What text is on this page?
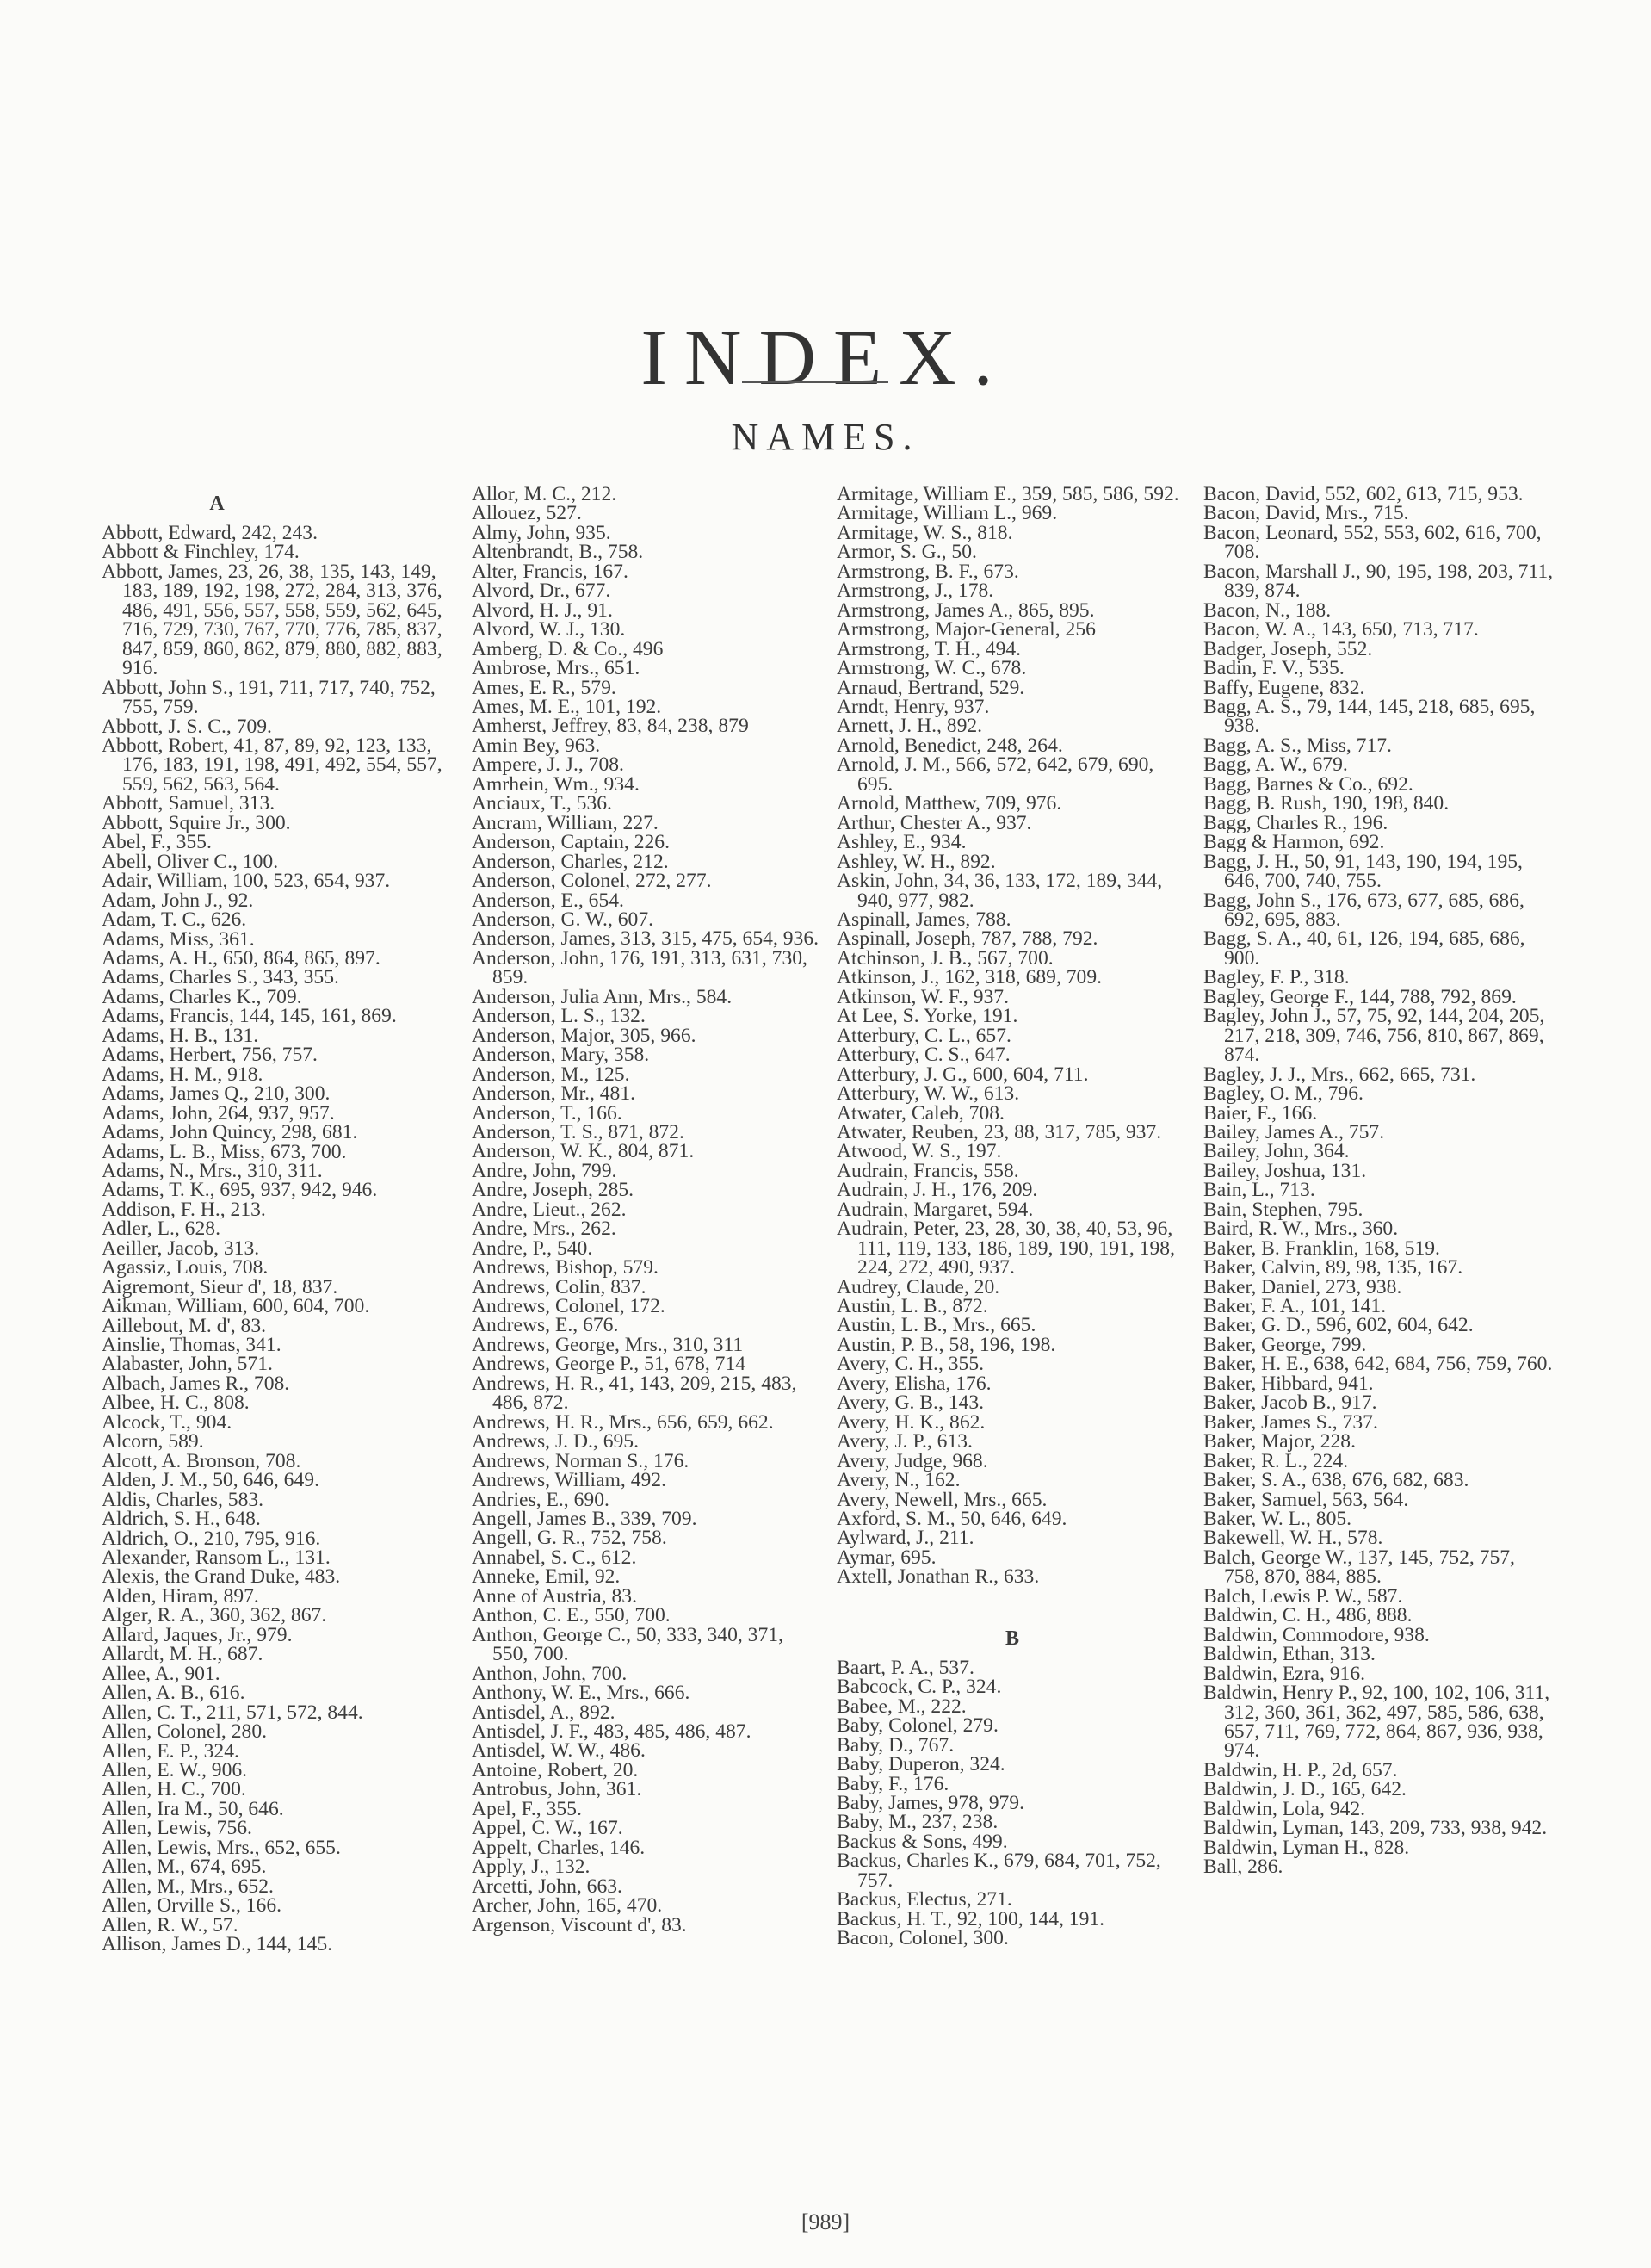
INDEX.
NAMES.
A
Abbott, Edward, 242, 243.
Abbott & Finchley, 174.
Abbott, James, 23, 26, 38, 135, 143, 149, 183, 189, 192, 198, 272, 284, 313, 376, 486, 491, 556, 557, 558, 559, 562, 645, 716, 729, 730, 767, 770, 776, 785, 837, 847, 859, 860, 862, 879, 880, 882, 883, 916.
Abbott, John S., 191, 711, 717, 740, 752, 755, 759.
Abbott, J. S. C., 709.
Abbott, Robert, 41, 87, 89, 92, 123, 133, 176, 183, 191, 198, 491, 492, 554, 557, 559, 562, 563, 564.
Abbott, Samuel, 313.
Abbott, Squire Jr., 300.
Abel, F., 355.
Abell, Oliver C., 100.
Adair, William, 100, 523, 654, 937.
Adam, John J., 92.
Adam, T. C., 626.
Adams, Miss, 361.
Adams, A. H., 650, 864, 865, 897.
Adams, Charles S., 343, 355.
Adams, Charles K., 709.
Adams, Francis, 144, 145, 161, 869.
Adams, H. B., 131.
Adams, Herbert, 756, 757.
Adams, H. M., 918.
Adams, James Q., 210, 300.
Adams, John, 264, 937, 957.
Adams, John Quincy, 298, 681.
Adams, L. B., Miss, 673, 700.
Adams, N., Mrs., 310, 311.
Adams, T. K., 695, 937, 942, 946.
Addison, F. H., 213.
Adler, L., 628.
Aeiller, Jacob, 313.
Agassiz, Louis, 708.
Aigremont, Sieur d', 18, 837.
Aikman, William, 600, 604, 700.
Aillebout, M. d', 83.
Ainslie, Thomas, 341.
Alabaster, John, 571.
Albach, James R., 708.
Albee, H. C., 808.
Alcock, T., 904.
Alcorn, 589.
Alcott, A. Bronson, 708.
Alden, J. M., 50, 646, 649.
Aldis, Charles, 583.
Aldrich, S. H., 648.
Aldrich, O., 210, 795, 916.
Alexander, Ransom L., 131.
Alexis, the Grand Duke, 483.
Alden, Hiram, 897.
Alger, R. A., 360, 362, 867.
Allard, Jaques, Jr., 979.
Allardt, M. H., 687.
Allee, A., 901.
Allen, A. B., 616.
Allen, C. T., 211, 571, 572, 844.
Allen, Colonel, 280.
Allen, E. P., 324.
Allen, E. W., 906.
Allen, H. C., 700.
Allen, Ira M., 50, 646.
Allen, Lewis, 756.
Allen, Lewis, Mrs., 652, 655.
Allen, M., 674, 695.
Allen, M., Mrs., 652.
Allen, Orville S., 166.
Allen, R. W., 57.
Allison, James D., 144, 145.
Allor, M. C., 212.
Allouez, 527.
Almy, John, 935.
Altenbrandt, B., 758.
Alter, Francis, 167.
Alvord, Dr., 677.
Alvord, H. J., 91.
Alvord, W. J., 130.
Amberg, D. & Co., 496
Ambrose, Mrs., 651.
Ames, E. R., 579.
Ames, M. E., 101, 192.
Amherst, Jeffrey, 83, 84, 238, 879
Amin Bey, 963.
Ampere, J. J., 708.
Amrhein, Wm., 934.
Anciaux, T., 536.
Ancram, William, 227.
Anderson, Captain, 226.
Anderson, Charles, 212.
Anderson, Colonel, 272, 277.
Anderson, E., 654.
Anderson, G. W., 607.
Anderson, James, 313, 315, 475, 654, 936.
Anderson, John, 176, 191, 313, 631, 730, 859.
Anderson, Julia Ann, Mrs., 584.
Anderson, L. S., 132.
Anderson, Major, 305, 966.
Anderson, Mary, 358.
Anderson, M., 125.
Anderson, Mr., 481.
Anderson, T., 166.
Anderson, T. S., 871, 872.
Anderson, W. K., 804, 871.
Andre, John, 799.
Andre, Joseph, 285.
Andre, Lieut., 262.
Andre, Mrs., 262.
Andre, P., 540.
Andrews, Bishop, 579.
Andrews, Colin, 837.
Andrews, Colonel, 172.
Andrews, E., 676.
Andrews, George, Mrs., 310, 311
Andrews, George P., 51, 678, 714
Andrews, H. R., 41, 143, 209, 215, 483, 486, 872.
Andrews, H. R., Mrs., 656, 659, 662.
Andrews, J. D., 695.
Andrews, Norman S., 176.
Andrews, William, 492.
Andries, E., 690.
Angell, James B., 339, 709.
Angell, G. R., 752, 758.
Annabel, S. C., 612.
Anneke, Emil, 92.
Anne of Austria, 83.
Anthon, C. E., 550, 700.
Anthon, George C., 50, 333, 340, 371, 550, 700.
Anthon, John, 700.
Anthony, W. E., Mrs., 666.
Antisdel, A., 892.
Antisdel, J. F., 483, 485, 486, 487.
Antisdel, W. W., 486.
Antoine, Robert, 20.
Antrobus, John, 361.
Apel, F., 355.
Appel, C. W., 167.
Appelt, Charles, 146.
Apply, J., 132.
Arcetti, John, 663.
Archer, John, 165, 470.
Argenson, Viscount d', 83.
Armitage, William E., 359, 585, 586, 592.
Armitage, William L., 969.
Armitage, W. S., 818.
Armor, S. G., 50.
Armstrong, B. F., 673.
Armstrong, J., 178.
Armstrong, James A., 865, 895.
Armstrong, Major-General, 256
Armstrong, T. H., 494.
Armstrong, W. C., 678.
Arnaud, Bertrand, 529.
Arndt, Henry, 937.
Arnett, J. H., 892.
Arnold, Benedict, 248, 264.
Arnold, J. M., 566, 572, 642, 679, 690, 695.
Arnold, Matthew, 709, 976.
Arthur, Chester A., 937.
Ashley, E., 934.
Ashley, W. H., 892.
Askin, John, 34, 36, 133, 172, 189, 344, 940, 977, 982.
Aspinall, James, 788.
Aspinall, Joseph, 787, 788, 792.
Atchinson, J. B., 567, 700.
Atkinson, J., 162, 318, 689, 709.
Atkinson, W. F., 937.
At Lee, S. Yorke, 191.
Atterbury, C. L., 657.
Atterbury, C. S., 647.
Atterbury, J. G., 600, 604, 711.
Atterbury, W. W., 613.
Atwater, Caleb, 708.
Atwater, Reuben, 23, 88, 317, 785, 937.
Atwood, W. S., 197.
Audrain, Francis, 558.
Audrain, J. H., 176, 209.
Audrain, Margaret, 594.
Audrain, Peter, 23, 28, 30, 38, 40, 53, 96, 111, 119, 133, 186, 189, 190, 191, 198, 224, 272, 490, 937.
Audrey, Claude, 20.
Austin, L. B., 872.
Austin, L. B., Mrs., 665.
Austin, P. B., 58, 196, 198.
Avery, C. H., 355.
Avery, Elisha, 176.
Avery, G. B., 143.
Avery, H. K., 862.
Avery, J. P., 613.
Avery, Judge, 968.
Avery, N., 162.
Avery, Newell, Mrs., 665.
Axford, S. M., 50, 646, 649.
Aylward, J., 211.
Aymar, 695.
Axtell, Jonathan R., 633.
B
Baart, P. A., 537.
Babcock, C. P., 324.
Babee, M., 222.
Baby, Colonel, 279.
Baby, D., 767.
Baby, Duperon, 324.
Baby, F., 176.
Baby, James, 978, 979.
Baby, M., 237, 238.
Backus & Sons, 499.
Backus, Charles K., 679, 684, 701, 752, 757.
Backus, Electus, 271.
Backus, H. T., 92, 100, 144, 191.
Bacon, Colonel, 300.
Bacon, David, 552, 602, 613, 715, 953.
Bacon, David, Mrs., 715.
Bacon, Leonard, 552, 553, 602, 616, 700, 708.
Bacon, Marshall J., 90, 195, 198, 203, 711, 839, 874.
Bacon, N., 188.
Bacon, W. A., 143, 650, 713, 717.
Badger, Joseph, 552.
Badin, F. V., 535.
Baffy, Eugene, 832.
Bagg, A. S., 79, 144, 145, 218, 685, 695, 938.
Bagg, A. S., Miss, 717.
Bagg, A. W., 679.
Bagg, Barnes & Co., 692.
Bagg, B. Rush, 190, 198, 840.
Bagg, Charles R., 196.
Bagg & Harmon, 692.
Bagg, J. H., 50, 91, 143, 190, 194, 195, 646, 700, 740, 755.
Bagg, John S., 176, 673, 677, 685, 686, 692, 695, 883.
Bagg, S. A., 40, 61, 126, 194, 685, 686, 900.
Bagley, F. P., 318.
Bagley, George F., 144, 788, 792, 869.
Bagley, John J., 57, 75, 92, 144, 204, 205, 217, 218, 309, 746, 756, 810, 867, 869, 874.
Bagley, J. J., Mrs., 662, 665, 731.
Bagley, O. M., 796.
Baier, F., 166.
Bailey, James A., 757.
Bailey, John, 364.
Bailey, Joshua, 131.
Bain, L., 713.
Bain, Stephen, 795.
Baird, R. W., Mrs., 360.
Baker, B. Franklin, 168, 519.
Baker, Calvin, 89, 98, 135, 167.
Baker, Daniel, 273, 938.
Baker, F. A., 101, 141.
Baker, G. D., 596, 602, 604, 642.
Baker, George, 799.
Baker, H. E., 638, 642, 684, 756, 759, 760.
Baker, Hibbard, 941.
Baker, Jacob B., 917.
Baker, James S., 737.
Baker, Major, 228.
Baker, R. L., 224.
Baker, S. A., 638, 676, 682, 683.
Baker, Samuel, 563, 564.
Baker, W. L., 805.
Bakewell, W. H., 578.
Balch, George W., 137, 145, 752, 757, 758, 870, 884, 885.
Balch, Lewis P. W., 587.
Baldwin, C. H., 486, 888.
Baldwin, Commodore, 938.
Baldwin, Ethan, 313.
Baldwin, Ezra, 916.
Baldwin, Henry P., 92, 100, 102, 106, 311, 312, 360, 361, 362, 497, 585, 586, 638, 657, 711, 769, 772, 864, 867, 936, 938, 974.
Baldwin, H. P., 2d, 657.
Baldwin, J. D., 165, 642.
Baldwin, Lola, 942.
Baldwin, Lyman, 143, 209, 733, 938, 942.
Baldwin, Lyman H., 828.
Ball, 286.
[989]
